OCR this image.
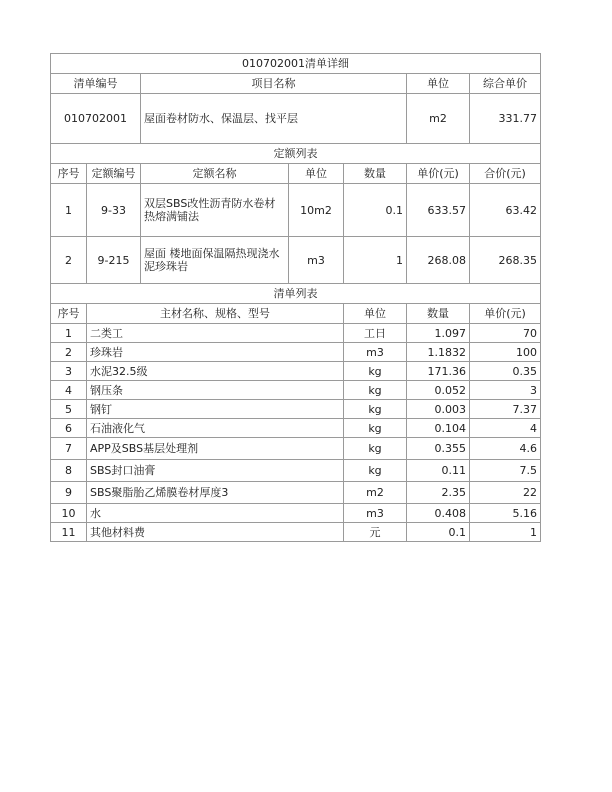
010702001清单详细							
清单编号		项目名称			单位	综合单价	
010702001		屋面卷材防水、保温层、找平层			m2	331.77	
定额列表							
序号	定额编号	定额名称	单位	数量	单价(元)	合价(元)	
1	9-33	双层SBS改性沥青防水卷材热熔满铺法	10m2	0.1	633.57	63.42	
2	9-215	屋面 楼地面保温隔热现浇水泥珍珠岩	m3	1	268.08	268.35	
清单列表							
序号	主材名称、规格、型号			单位	数量	单价(元)	
1	二类工			工日	1.097	70	
2	珍珠岩			m3	1.1832	100	
3	水泥32.5级			kg	171.36	0.35	
4	钢压条			kg	0.052	3	
5	钢钉			kg	0.003	7.37	
6	石油液化气			kg	0.104	4	
7	APP及SBS基层处理剂			kg	0.355	4.6	
8	SBS封口油膏			kg	0.11	7.5	
9	SBS聚脂胎乙烯膜卷材厚度3			m2	2.35	22	
10	水			m3	0.408	5.16	
11	其他材料费			元	0.1	1	
